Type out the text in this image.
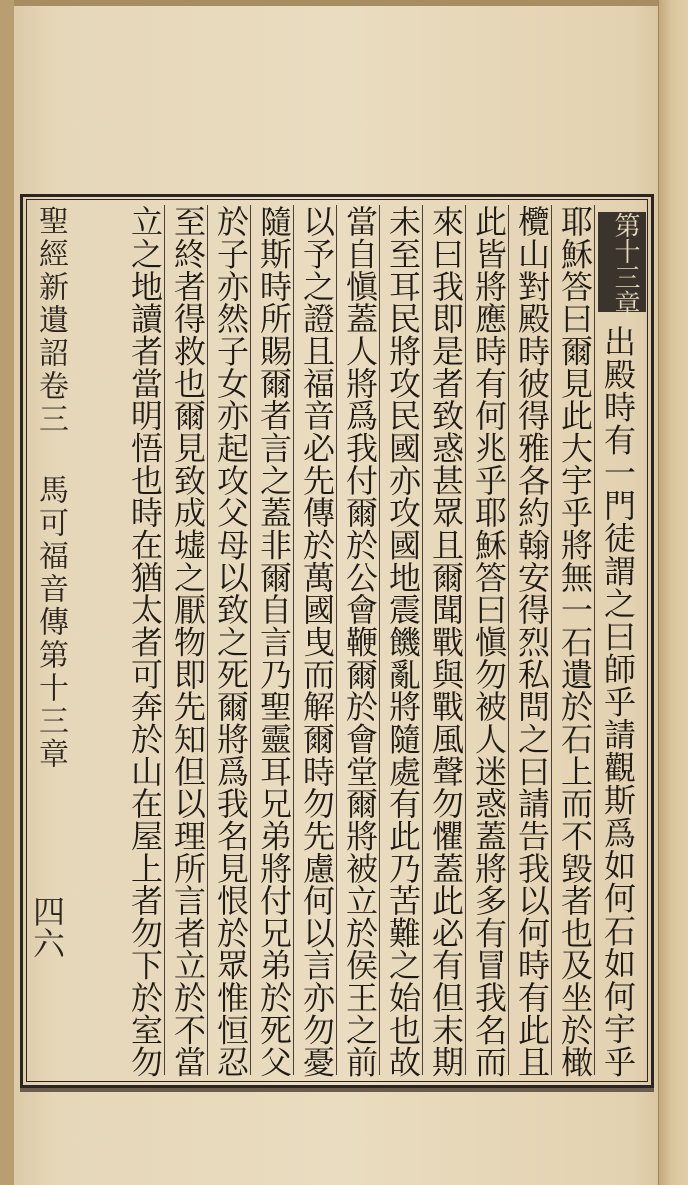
第十三章
聖經新遺詔卷三 馬可福音傳第十三章
四六	出殿時有一門徒謂之曰師乎請觀斯爲如何石如何宇乎
耶穌答曰爾見此大宇乎將無一石遺於石上而不毀者也及坐於橄
欖山對殿時彼得雅各約翰安得烈私問之曰請告我以何時有此且
此皆將應時有何兆乎耶穌答曰愼勿被人迷惑蓋將多有冒我名而
來曰我即是者致惑甚眾且爾聞戰與戰風聲勿懼蓋此必有但末期
未至耳民將攻民國亦攻國地震饑亂將隨處有此乃苦難之始也故
當自愼蓋人將爲我付爾於公會鞭爾於會堂爾將被立於侯王之前
以予之證且福音必先傳於萬國曳而解爾時勿先慮何以言亦勿憂
隨斯時所賜爾者言之蓋非爾自言乃聖靈耳兄弟將付兄弟於死父
於子亦然子女亦起攻父母以致之死爾將爲我名見恨於眾惟恒忍
至終者得救也爾見致成墟之厭物即先知但以理所言者立於不當
立之地讀者當明悟也時在猶太者可奔於山在屋上者勿下於室勿
